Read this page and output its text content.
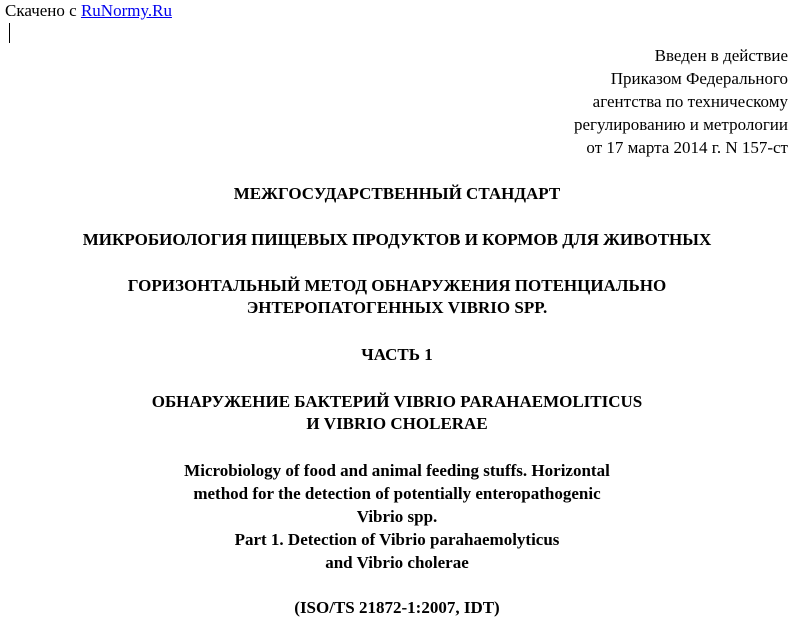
Скачено с RuNormy.Ru
Введен в действие
Приказом Федерального
агентства по техническому
регулированию и метрологии
от 17 марта 2014 г. N 157-ст
МЕЖГОСУДАРСТВЕННЫЙ СТАНДАРТ
МИКРОБИОЛОГИЯ ПИЩЕВЫХ ПРОДУКТОВ И КОРМОВ ДЛЯ ЖИВОТНЫХ
ГОРИЗОНТАЛЬНЫЙ МЕТОД ОБНАРУЖЕНИЯ ПОТЕНЦИАЛЬНО
ЭНТЕРОПАТОГЕННЫХ VIBRIO SPP.
ЧАСТЬ 1
ОБНАРУЖЕНИЕ БАКТЕРИЙ VIBRIO PARAHAEMOLITICUS
И VIBRIO CHOLERAE
Microbiology of food and animal feeding stuffs. Horizontal
method for the detection of potentially enteropathogenic
Vibrio spp.
Part 1. Detection of Vibrio parahaemolyticus
and Vibrio cholerae
(ISO/TS 21872-1:2007, IDT)
